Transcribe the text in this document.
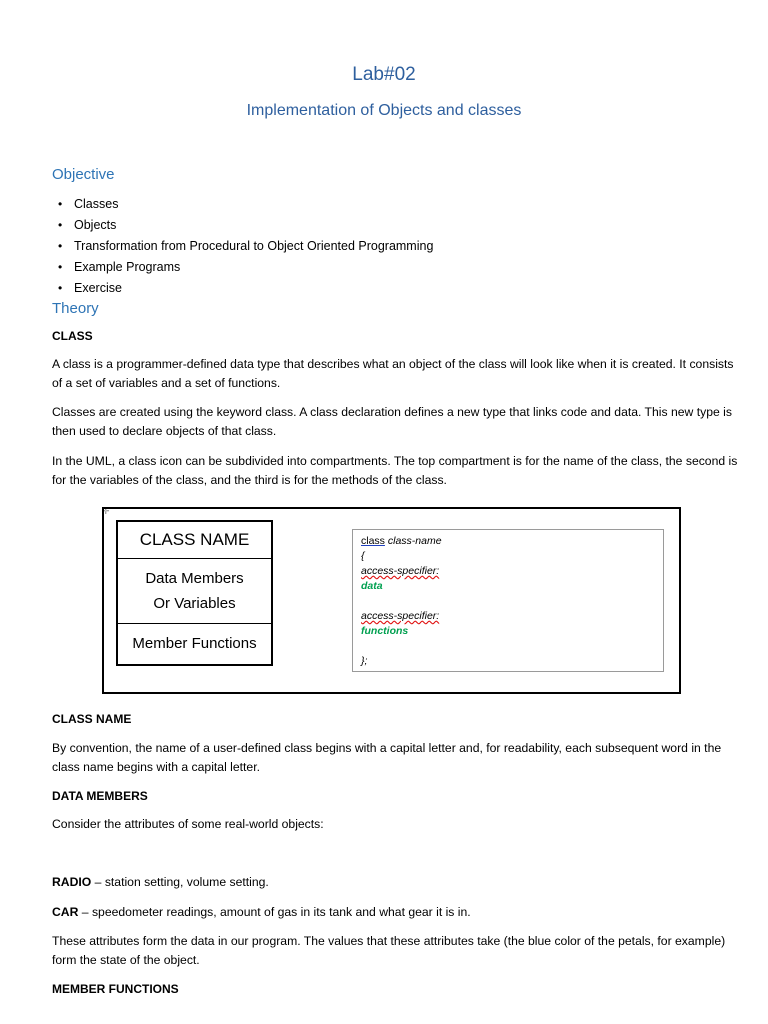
Lab#02
Implementation of Objects and classes
Objective
• Classes
• Objects
• Transformation from Procedural to Object Oriented Programming
• Example Programs
• Exercise
Theory
CLASS
A class is a programmer-defined data type that describes what an object of the class will look like when it is created. It consists of a set of variables and a set of functions.
Classes are created using the keyword class. A class declaration defines a new type that links code and data. This new type is then used to declare objects of that class.
In the UML, a class icon can be subdivided into compartments. The top compartment is for the name of the class, the second is for the variables of the class, and the third is for the methods of the class.
✛
CLASS NAME
Data Members
Or Variables
Member Functions
class class-name
{
access-specifier:
data
access-specifier:
functions
};
CLASS NAME
By convention, the name of a user-defined class begins with a capital letter and, for readability, each subsequent word in the class name begins with a capital letter.
DATA MEMBERS
Consider the attributes of some real-world objects:
RADIO – station setting, volume setting.
CAR – speedometer readings, amount of gas in its tank and what gear it is in.
These attributes form the data in our program. The values that these attributes take (the blue color of the petals, for example) form the state of the object.
MEMBER FUNCTIONS
